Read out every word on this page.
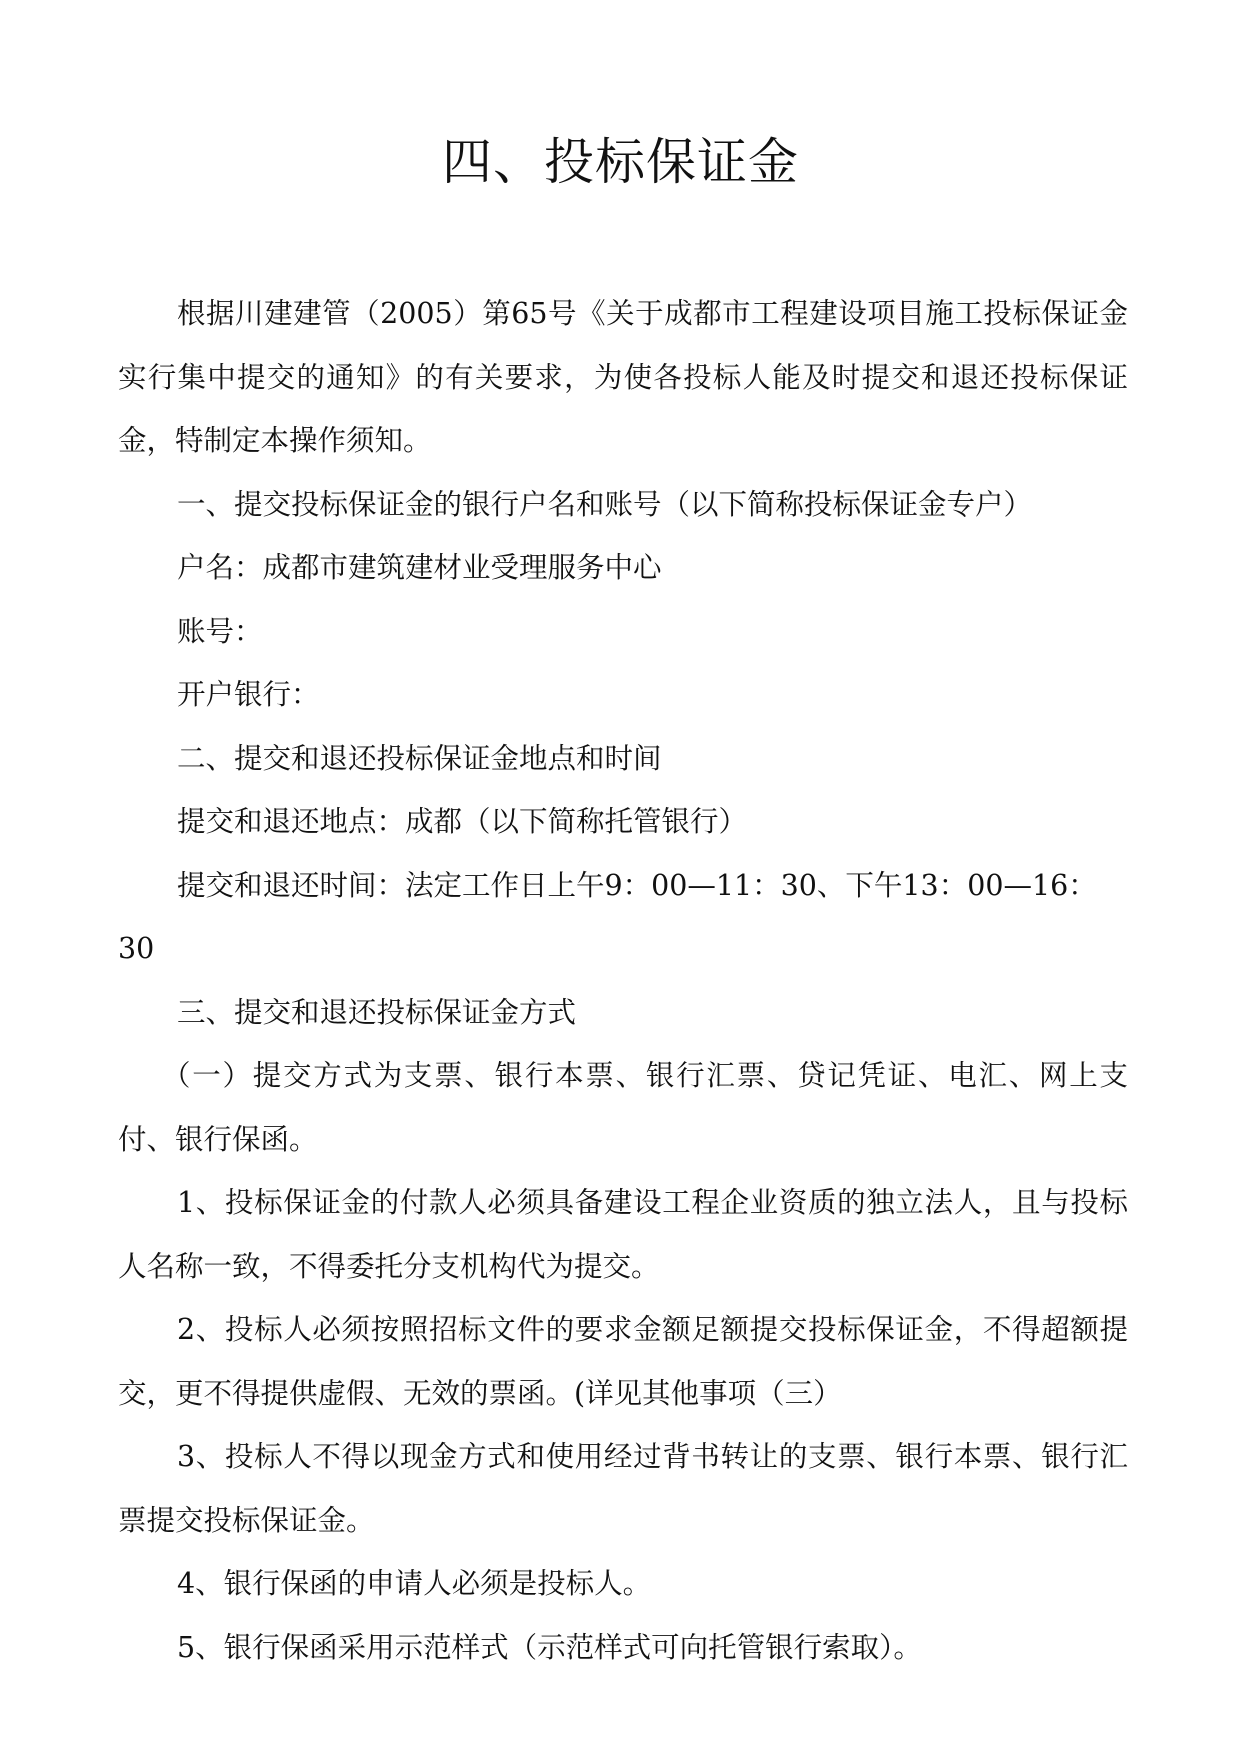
四、投标保证金

根据川建建管（2005）第65号《关于成都市工程建设项目施工投标保证金实行集中提交的通知》的有关要求，为使各投标人能及时提交和退还投标保证金，特制定本操作须知。

一、提交投标保证金的银行户名和账号（以下简称投标保证金专户）

户名：成都市建筑建材业受理服务中心

账号：

开户银行：

二、提交和退还投标保证金地点和时间

提交和退还地点：成都（以下简称托管银行）

提交和退还时间：法定工作日上午9：00—11：30、下午13：00—16：30

三、提交和退还投标保证金方式

（一）提交方式为支票、银行本票、银行汇票、贷记凭证、电汇、网上支付、银行保函。

1、投标保证金的付款人必须具备建设工程企业资质的独立法人，且与投标人名称一致，不得委托分支机构代为提交。

2、投标人必须按照招标文件的要求金额足额提交投标保证金，不得超额提交，更不得提供虚假、无效的票函。(详见其他事项（三）

3、投标人不得以现金方式和使用经过背书转让的支票、银行本票、银行汇票提交投标保证金。

4、银行保函的申请人必须是投标人。

5、银行保函采用示范样式（示范样式可向托管银行索取）。
